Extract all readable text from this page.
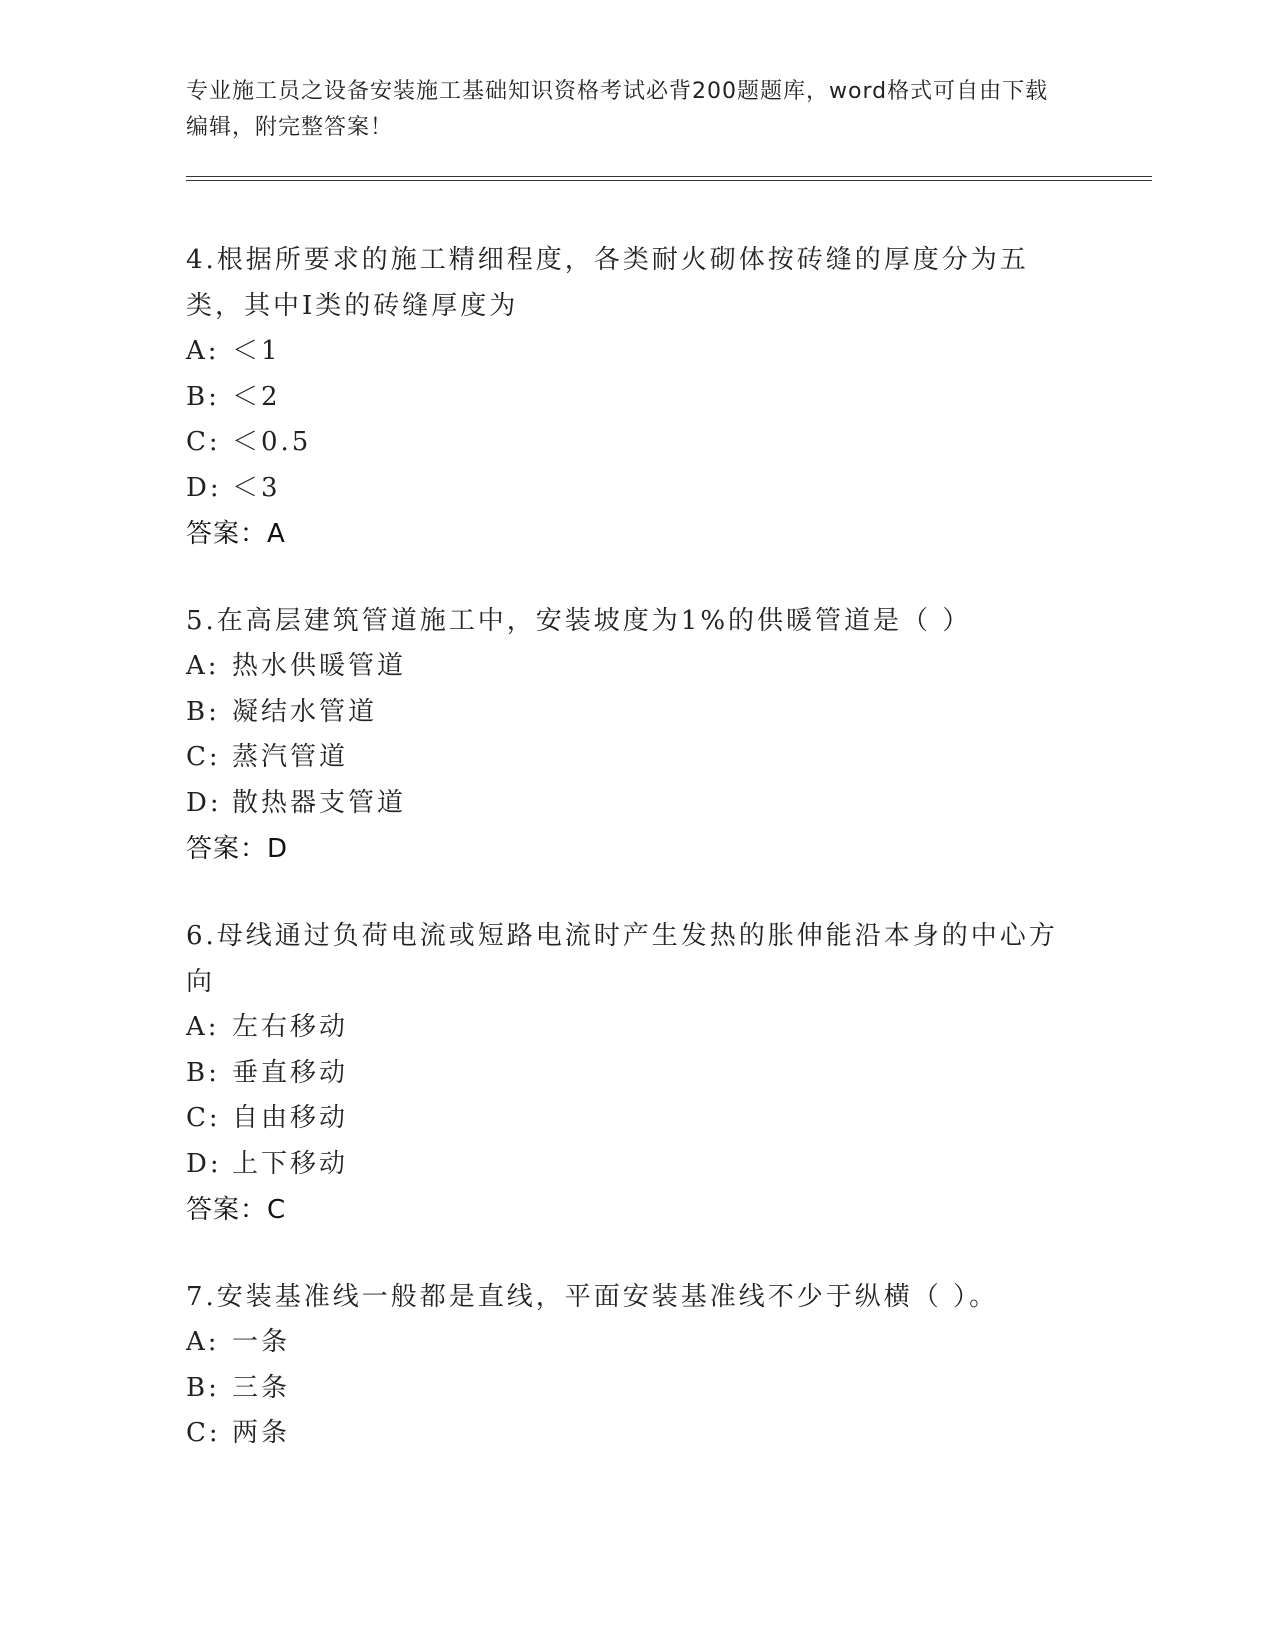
专业施工员之设备安装施工基础知识资格考试必背200题题库，word格式可自由下载编辑，附完整答案！
4.根据所要求的施工精细程度，各类耐火砌体按砖缝的厚度分为五类，其中Ⅰ类的砖缝厚度为
A: ＜1
B: ＜2
C: ＜0.5
D: ＜3
答案：A
5.在高层建筑管道施工中，安装坡度为1%的供暖管道是（ ）
A: 热水供暖管道
B: 凝结水管道
C: 蒸汽管道
D: 散热器支管道
答案：D
6.母线通过负荷电流或短路电流时产生发热的胀伸能沿本身的中心方向
A: 左右移动
B: 垂直移动
C: 自由移动
D: 上下移动
答案：C
7.安装基准线一般都是直线，平面安装基准线不少于纵横（ ）。
A: 一条
B: 三条
C: 两条
